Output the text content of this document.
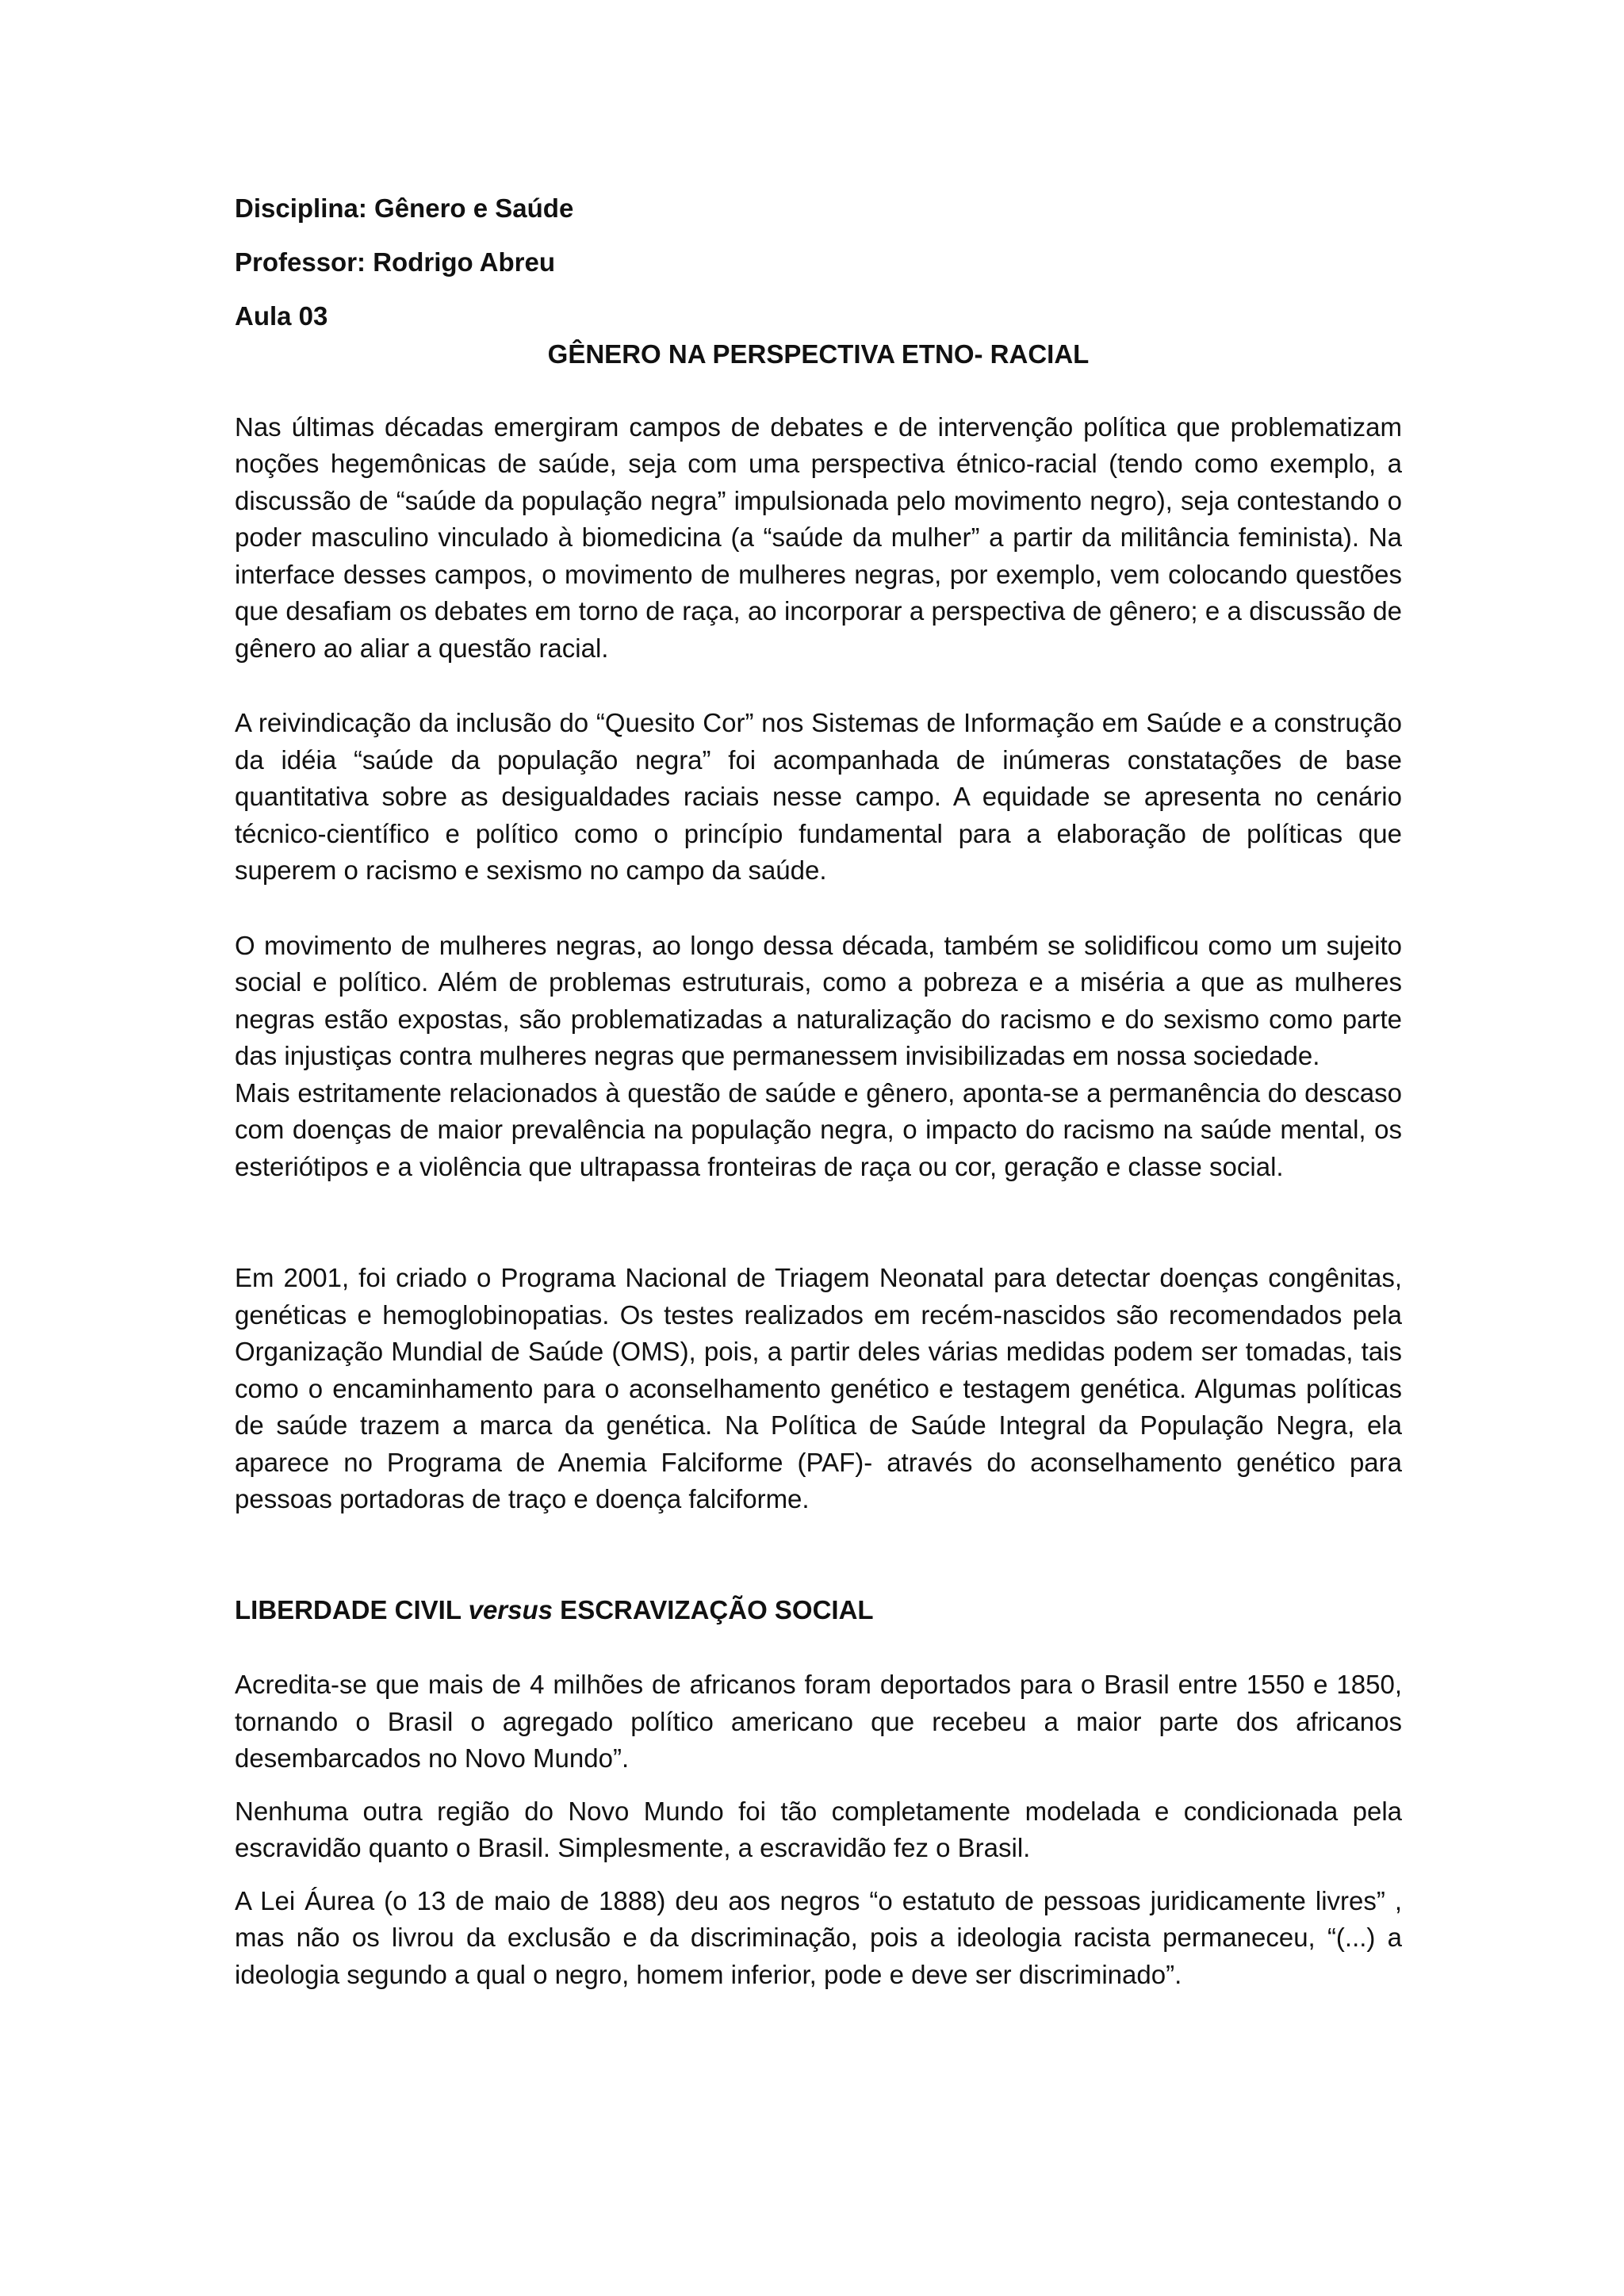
Disciplina: Gênero e Saúde
Professor: Rodrigo Abreu
Aula 03
GÊNERO NA PERSPECTIVA ETNO- RACIAL

Nas últimas décadas emergiram campos de debates e de intervenção política que problematizam noções hegemônicas de saúde, seja com uma perspectiva étnico-racial (tendo como exemplo, a discussão de “saúde da população negra” impulsionada pelo movimento negro), seja contestando o poder masculino vinculado à biomedicina (a “saúde da mulher” a partir da militância feminista). Na interface desses campos, o movimento de mulheres negras, por exemplo, vem colocando questões que desafiam os debates em torno de raça, ao incorporar a perspectiva de gênero; e a discussão de gênero ao aliar a questão racial.

A reivindicação da inclusão do “Quesito Cor” nos Sistemas de Informação em Saúde e a construção da idéia “saúde da população negra” foi acompanhada de inúmeras constatações de base quantitativa sobre as desigualdades raciais nesse campo. A equidade se apresenta no cenário técnico-científico e político como o princípio fundamental para a elaboração de políticas que superem o racismo e sexismo no campo da saúde.

O movimento de mulheres negras, ao longo dessa década, também se solidificou como um sujeito social e político. Além de problemas estruturais, como a pobreza e a miséria a que as mulheres negras estão expostas, são problematizadas a naturalização do racismo e do sexismo como parte das injustiças contra mulheres negras que permanessem invisibilizadas em nossa sociedade.

Mais estritamente relacionados à questão de saúde e gênero, aponta-se a permanência do descaso com doenças de maior prevalência na população negra, o impacto do racismo na saúde mental, os esteriótipos e a violência que ultrapassa fronteiras de raça ou cor, geração e classe social.

Em 2001, foi criado o Programa Nacional de Triagem Neonatal para detectar doenças congênitas, genéticas e hemoglobinopatias. Os testes realizados em recém-nascidos são recomendados pela Organização Mundial de Saúde (OMS), pois, a partir deles várias medidas podem ser tomadas, tais como o encaminhamento para o aconselhamento genético e testagem genética. Algumas políticas de saúde trazem a marca da genética. Na Política de Saúde Integral da População Negra, ela aparece no Programa de Anemia Falciforme (PAF)- através do aconselhamento genético para pessoas portadoras de traço e doença falciforme.

LIBERDADE CIVIL versus ESCRAVIZAÇÃO SOCIAL

Acredita-se que mais de 4 milhões de africanos foram deportados para o Brasil entre 1550 e 1850, tornando o Brasil o agregado político americano que recebeu a maior parte dos africanos desembarcados no Novo Mundo”.

Nenhuma outra região do Novo Mundo foi tão completamente modelada e condicionada pela escravidão quanto o Brasil. Simplesmente, a escravidão fez o Brasil.

A Lei Áurea (o 13 de maio de 1888) deu aos negros “o estatuto de pessoas juridicamente livres” , mas não os livrou da exclusão e da discriminação, pois a ideologia racista permaneceu, “(...) a ideologia segundo a qual o negro, homem inferior, pode e deve ser discriminado”.
